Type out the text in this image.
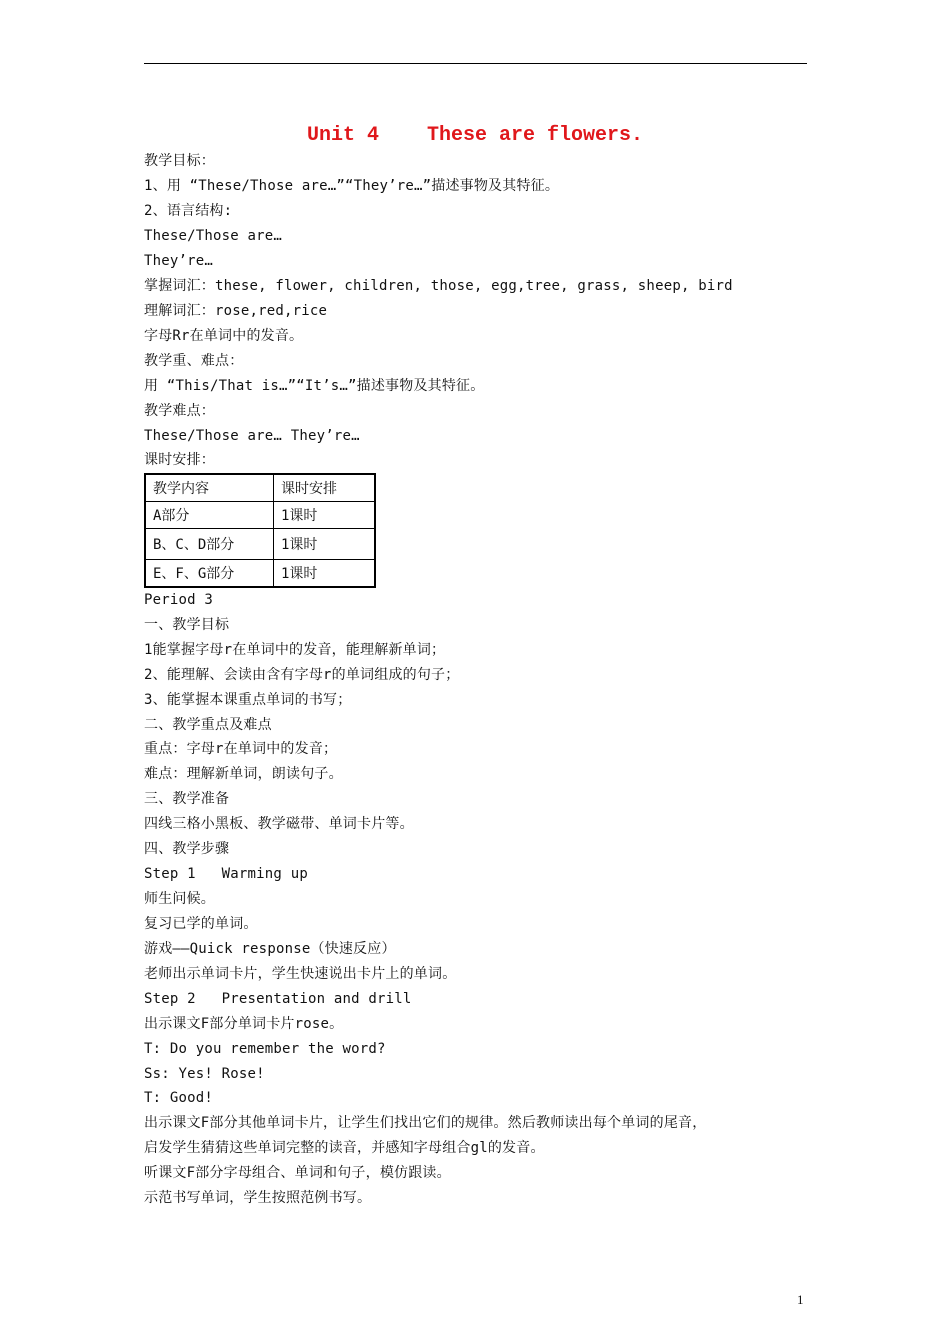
Unit 4    These are flowers.
教学目标：
1、用 “These/Those are…”“They’re…”描述事物及其特征。
2、语言结构:
These/Those are…
They’re…
掌握词汇：these, flower, children, those, egg,tree, grass, sheep, bird
理解词汇：rose,red,rice
字母Rr在单词中的发音。
教学重、难点：
用 “This/That is…”“It’s…”描述事物及其特征。
教学难点：
These/Those are… They’re…
课时安排：
教学内容	课时安排
A部分	1课时
B、C、D部分	1课时
E、F、G部分	1课时
Period 3
一、教学目标
1能掌握字母r在单词中的发音，能理解新单词；
2、能理解、会读由含有字母r的单词组成的句子；
3、能掌握本课重点单词的书写；
二、教学重点及难点
重点：字母r在单词中的发音；
难点：理解新单词，朗读句子。
三、教学准备
四线三格小黑板、教学磁带、单词卡片等。
四、教学步骤
Step 1   Warming up
师生问候。
复习已学的单词。
游戏——Quick response（快速反应）
老师出示单词卡片，学生快速说出卡片上的单词。
Step 2   Presentation and drill
出示课文F部分单词卡片rose。
T: Do you remember the word?
Ss: Yes! Rose!
T: Good!
出示课文F部分其他单词卡片，让学生们找出它们的规律。然后教师读出每个单词的尾音，
启发学生猜猜这些单词完整的读音，并感知字母组合gl的发音。
听课文F部分字母组合、单词和句子，模仿跟读。
示范书写单词，学生按照范例书写。
1
